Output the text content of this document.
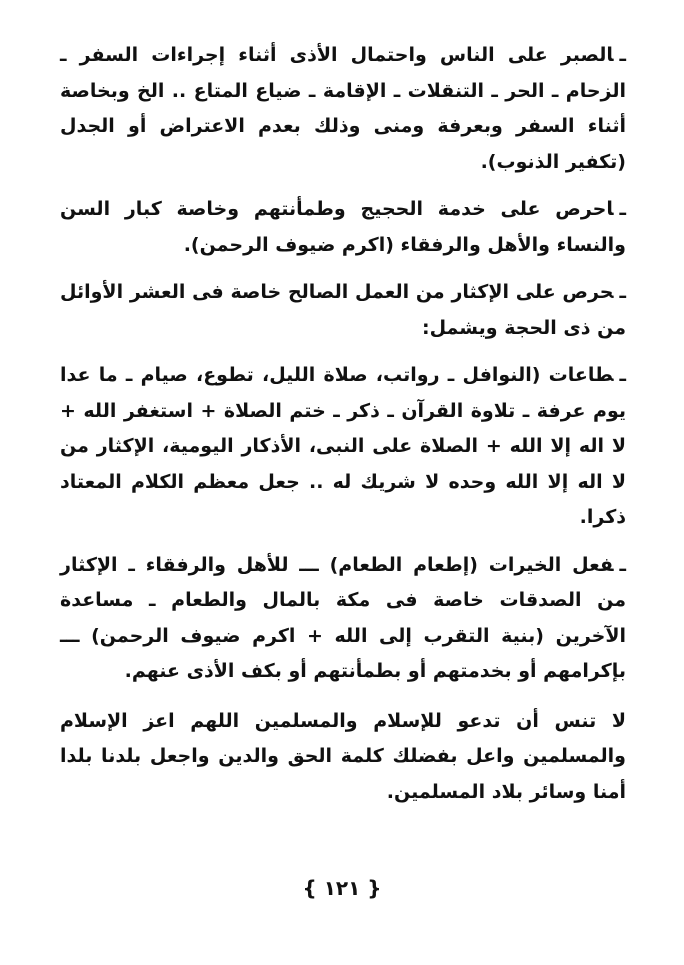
ـالصبر على الناس واحتمال الأذى أثناء إجراءات السفر ـ الزحام ـ الحر ـ التنقلات ـ الإقامة ـ ضياع المتاع .. الخ وبخاصة أثناء السفر وبعرفة ومنى وذلك بعدم الاعتراض أو الجدل (تكفير الذنوب).

ـاحرص على خدمة الحجيج وطمأنتهم وخاصة كبار السن والنساء والأهل والرفقاء (اكرم ضيوف الرحمن).

ـحرص على الإكثار من العمل الصالح خاصة فى العشر الأوائل من ذى الحجة ويشمل:

ـطاعات (النوافل ـ رواتب، صلاة الليل، تطوع، صيام ـ ما عدا يوم عرفة ـ تلاوة القرآن ـ ذكر ـ ختم الصلاة + استغفر الله + لا اله إلا الله + الصلاة على النبى، الأذكار اليومية، الإكثار من لا اله إلا الله وحده لا شريك له .. جعل معظم الكلام المعتاد ذكرا.

ـفعل الخيرات (إطعام الطعام) ـــ للأهل والرفقاء ـ الإكثار من الصدقات خاصة فى مكة بالمال والطعام ـ مساعدة الآخرين (بنية التقرب إلى الله + اكرم ضيوف الرحمن) ـــ بإكرامهم أو بخدمتهم أو بطمأنتهم أو بكف الأذى عنهم.

لا تنس أن تدعو للإسلام والمسلمين اللهم اعز الإسلام والمسلمين واعل بفضلك كلمة الحق والدين واجعل بلدنا بلدا أمنا وسائر بلاد المسلمين.

{ ١٢١ }
